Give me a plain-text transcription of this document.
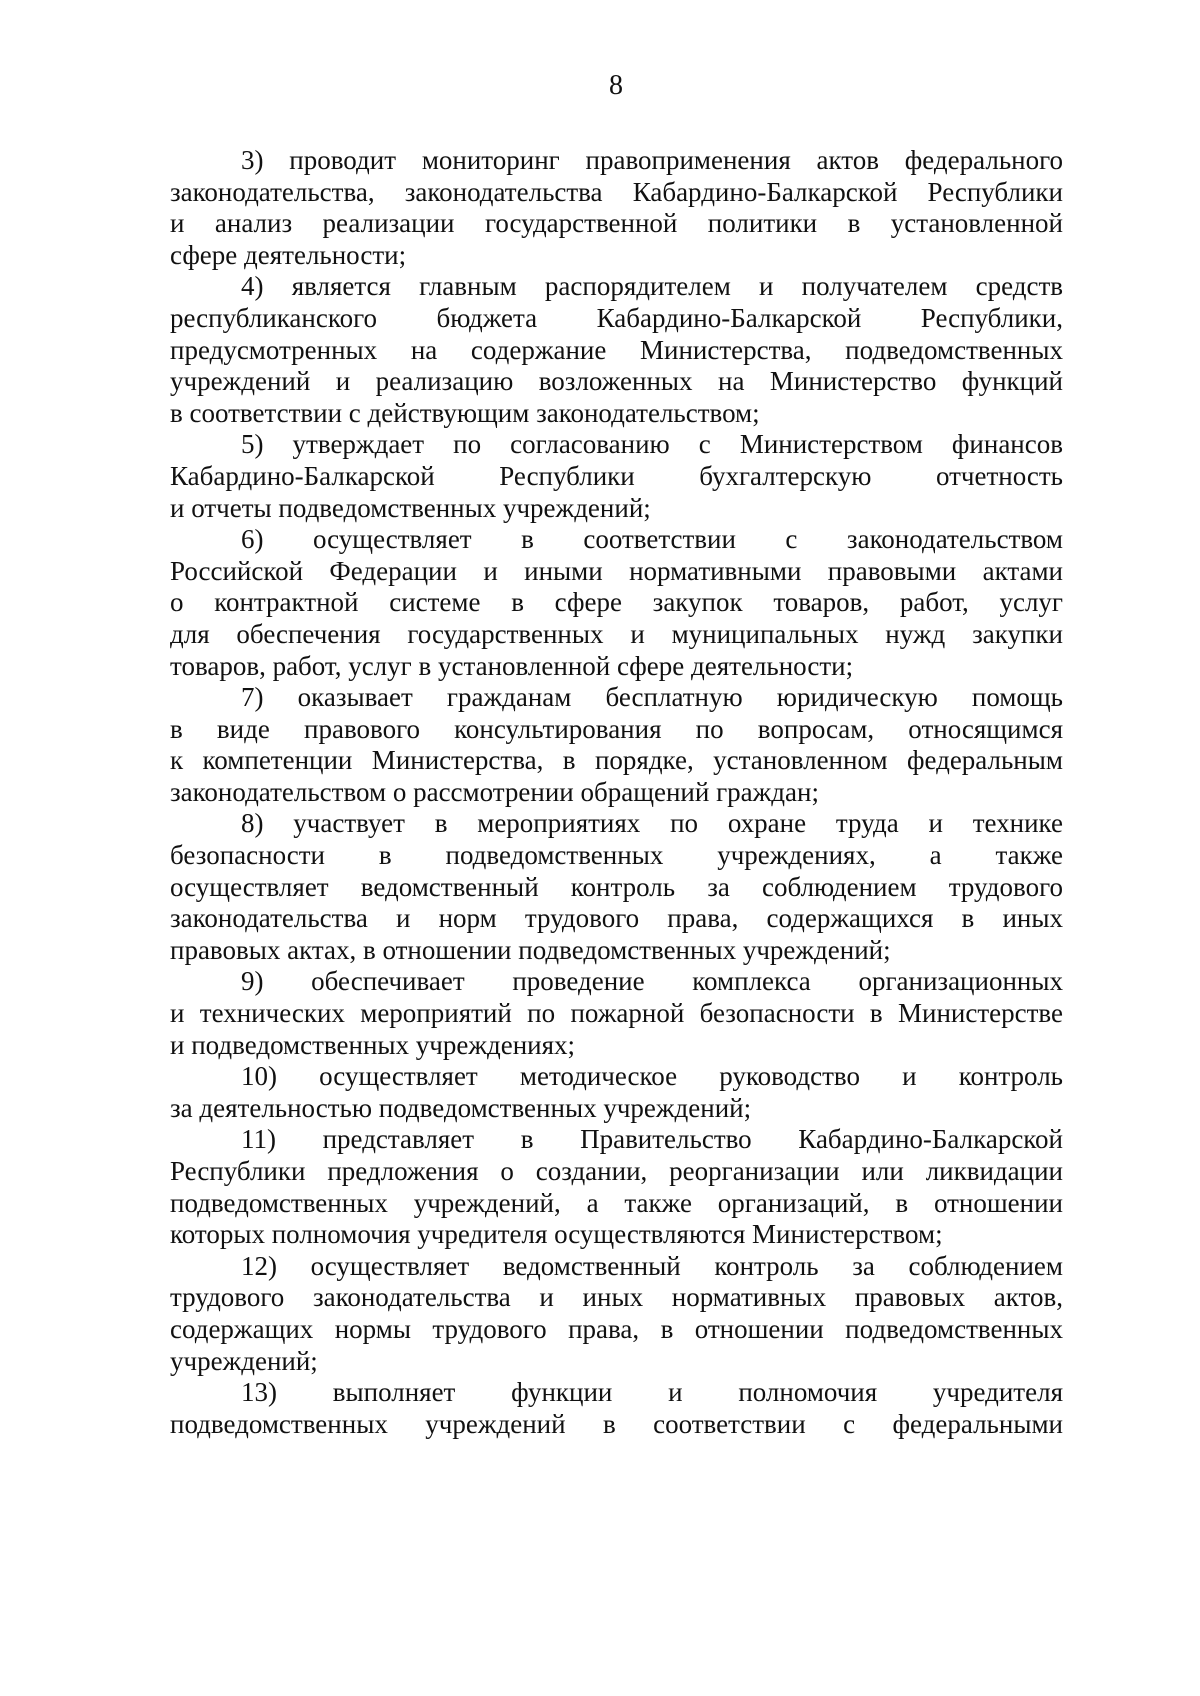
8
3) проводит мониторинг правоприменения актов федерального
законодательства, законодательства Кабардино-Балкарской Республики
и анализ реализации государственной политики в установленной
сфере деятельности;
4) является главным распорядителем и получателем средств
республиканского бюджета Кабардино-Балкарской Республики,
предусмотренных на содержание Министерства, подведомственных
учреждений и реализацию возложенных на Министерство функций
в соответствии с действующим законодательством;
5) утверждает по согласованию с Министерством финансов
Кабардино-Балкарской Республики бухгалтерскую отчетность
и отчеты подведомственных учреждений;
6) осуществляет в соответствии с законодательством
Российской Федерации и иными нормативными правовыми актами
о контрактной системе в сфере закупок товаров, работ, услуг
для обеспечения государственных и муниципальных нужд закупки
товаров, работ, услуг в установленной сфере деятельности;
7) оказывает гражданам бесплатную юридическую помощь
в виде правового консультирования по вопросам, относящимся
к компетенции Министерства, в порядке, установленном федеральным
законодательством о рассмотрении обращений граждан;
8) участвует в мероприятиях по охране труда и технике
безопасности в подведомственных учреждениях, а также
осуществляет ведомственный контроль за соблюдением трудового
законодательства и норм трудового права, содержащихся в иных
правовых актах, в отношении подведомственных учреждений;
9) обеспечивает проведение комплекса организационных
и технических мероприятий по пожарной безопасности в Министерстве
и подведомственных учреждениях;
10) осуществляет методическое руководство и контроль
за деятельностью подведомственных учреждений;
11) представляет в Правительство Кабардино-Балкарской
Республики предложения о создании, реорганизации или ликвидации
подведомственных учреждений, а также организаций, в отношении
которых полномочия учредителя осуществляются Министерством;
12) осуществляет ведомственный контроль за соблюдением
трудового законодательства и иных нормативных правовых актов,
содержащих нормы трудового права, в отношении подведомственных
учреждений;
13) выполняет функции и полномочия учредителя
подведомственных учреждений в соответствии с федеральными
